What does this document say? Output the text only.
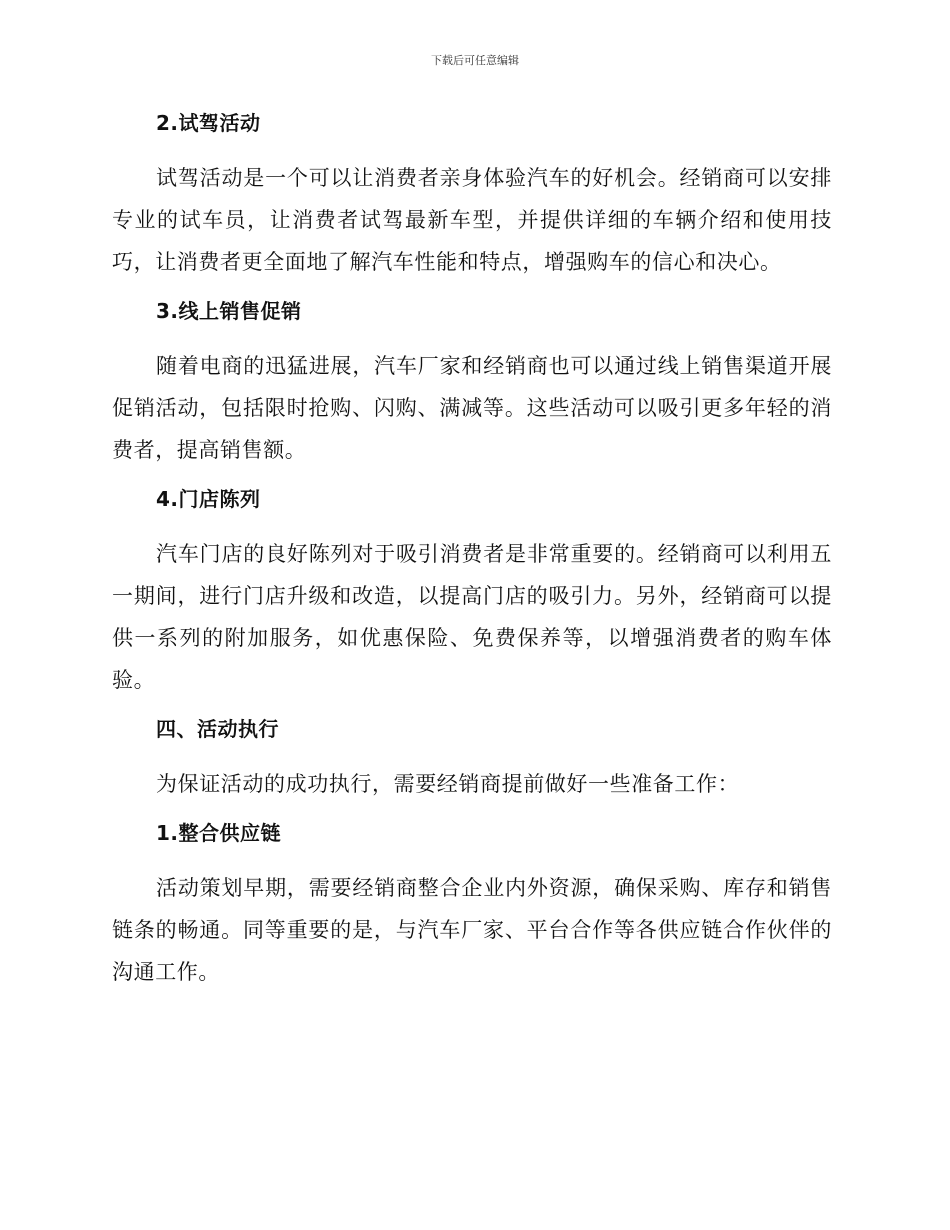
下载后可任意编辑
2.试驾活动

试驾活动是一个可以让消费者亲身体验汽车的好机会。经销商可以安排专业的试车员，让消费者试驾最新车型，并提供详细的车辆介绍和使用技巧，让消费者更全面地了解汽车性能和特点，增强购车的信心和决心。

3.线上销售促销

随着电商的迅猛进展，汽车厂家和经销商也可以通过线上销售渠道开展促销活动，包括限时抢购、闪购、满减等。这些活动可以吸引更多年轻的消费者，提高销售额。

4.门店陈列

汽车门店的良好陈列对于吸引消费者是非常重要的。经销商可以利用五一期间，进行门店升级和改造，以提高门店的吸引力。另外，经销商可以提供一系列的附加服务，如优惠保险、免费保养等，以增强消费者的购车体验。

四、活动执行

为保证活动的成功执行，需要经销商提前做好一些准备工作：

1.整合供应链

活动策划早期，需要经销商整合企业内外资源，确保采购、库存和销售链条的畅通。同等重要的是，与汽车厂家、平台合作等各供应链合作伙伴的沟通工作。
